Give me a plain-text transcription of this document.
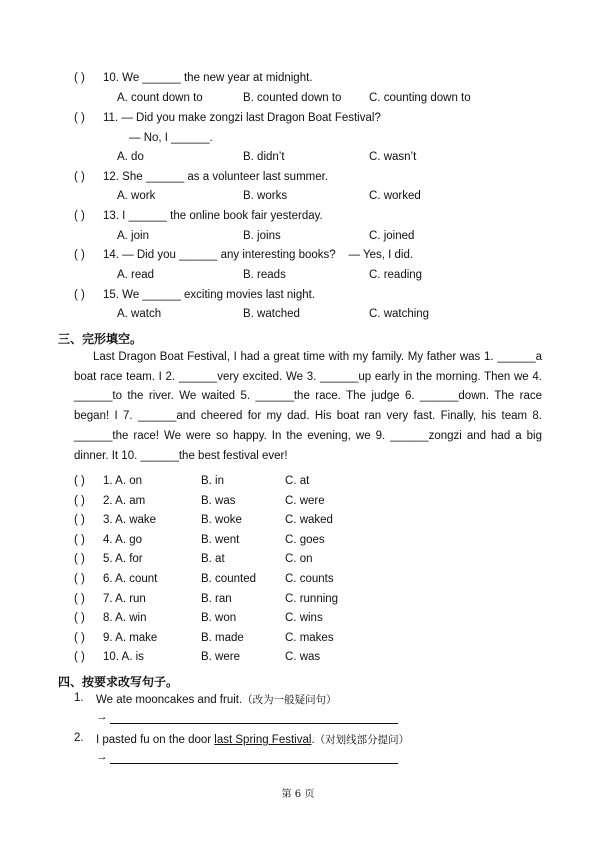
( ) 10. We ______ the new year at midnight.
A. count down to	B. counted down to C. counting down to
( ) 11. — Did you make zongzi last Dragon Boat Festival?
— No, I ______.
A. do	B. didn’t	C. wasn’t
( ) 12. She ______ as a volunteer last summer.
A. work	B. works	C. worked
( ) 13. I ______ the online book fair yesterday.
A. join	B. joins	C. joined
( ) 14. — Did you ______ any interesting books?    — Yes, I did.
A. read	B. reads	C. reading
( ) 15. We ______ exciting movies last night.
A. watch	B. watched	C. watching
三、完形填空。

Last Dragon Boat Festival, I had a great time with my family. My father was 1. ______a boat race team. I 2. ______very excited. We 3. ______up early in the morning. Then we 4. ______to the river. We waited 5. ______the race. The judge 6. ______down. The race began! I 7. ______and cheered for my dad. His boat ran very fast. Finally, his team 8. ______the race! We were so happy. In the evening, we 9. ______zongzi and had a big dinner. It 10. ______the best festival ever!

( ) 1. A. on	B. in	C. at
( ) 2. A. am	B. was	C. were
( ) 3. A. wake	B. woke	C. waked
( ) 4. A. go	B. went	C. goes
( ) 5. A. for	B. at	C. on
( ) 6. A. count	B. counted	C. counts
( ) 7. A. run	B. ran	C. running
( ) 8. A. win	B. won	C. wins
( ) 9. A. make	B. made	C. makes
( ) 10. A. is	B. were	C. was
四、按要求改写句子。
1. We ate mooncakes and fruit.（改为一般疑问句）
→
2. I pasted fu on the door last Spring Festival.（对划线部分提问）
→
第 6 页
